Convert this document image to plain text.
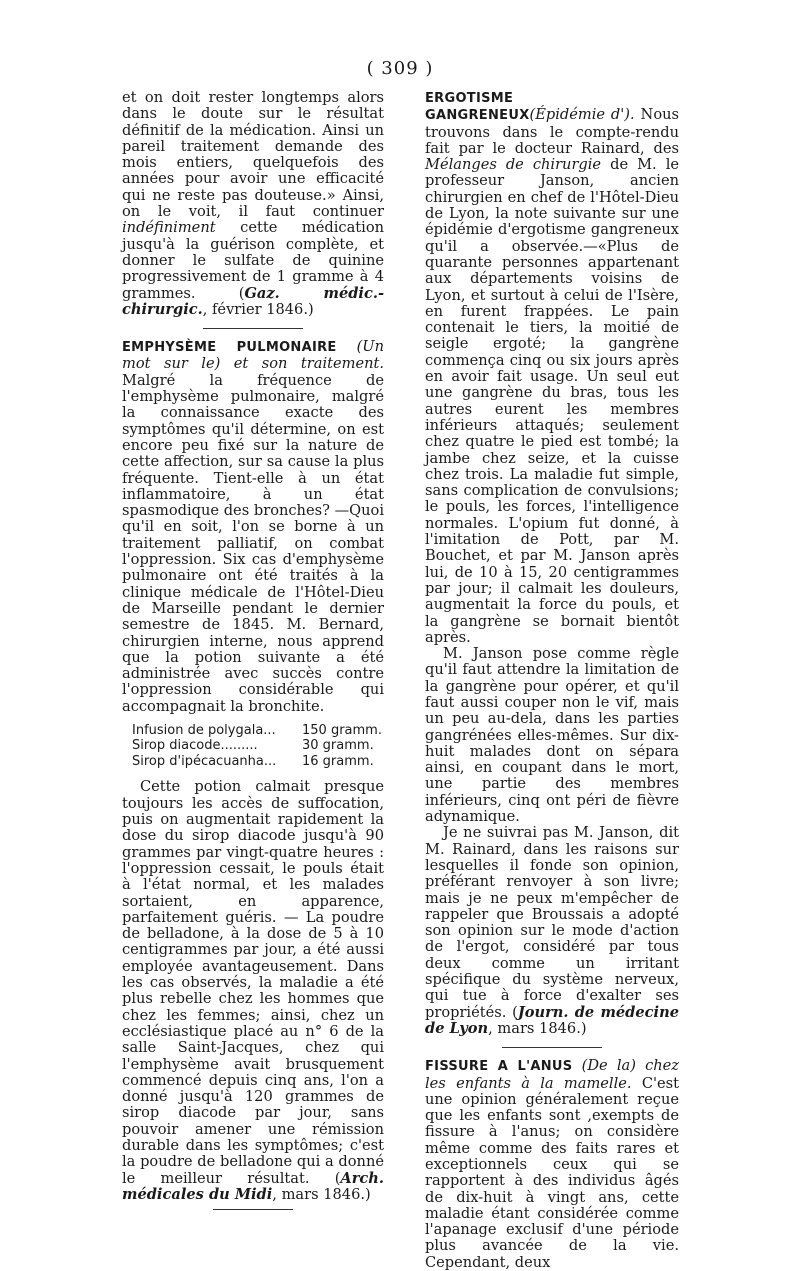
( 309 )

et on doit rester longtemps alors dans le doute sur le résultat définitif de la médication. Ainsi un pareil traitement demande des mois entiers, quelquefois des années pour avoir une efficacité qui ne reste pas douteuse.» Ainsi, on le voit, il faut continuer indéfiniment cette médication jusqu'à la guérison complète, et donner le sulfate de quinine progressivement de 1 gramme à 4 grammes. (Gaz. médic.-chirurgic., février 1846.)

EMPHYSÈME PULMONAIRE (Un mot sur le) et son traitement. Malgré la fréquence de l'emphysème pulmonaire, malgré la connaissance exacte des symptômes qu'il détermine, on est encore peu fixé sur la nature de cette affection, sur sa cause la plus fréquente. Tient-elle à un état inflammatoire, à un état spasmodique des bronches? —Quoi qu'il en soit, l'on se borne à un traitement palliatif, on combat l'oppression. Six cas d'emphysème pulmonaire ont été traités à la clinique médicale de l'Hôtel-Dieu de Marseille pendant le dernier semestre de 1845. M. Bernard, chirurgien interne, nous apprend que la potion suivante a été administrée avec succès contre l'oppression considérable qui accompagnait la bronchite.

Infusion de polygala...	150 gramm.
Sirop diacode.........	30 gramm.
Sirop d'ipécacuanha...	16 gramm.

Cette potion calmait presque toujours les accès de suffocation, puis on augmentait rapidement la dose du sirop diacode jusqu'à 90 grammes par vingt-quatre heures : l'oppression cessait, le pouls était à l'état normal, et les malades sortaient, en apparence, parfaitement guéris. — La poudre de belladone, à la dose de 5 à 10 centigrammes par jour, a été aussi employée avantageusement. Dans les cas observés, la maladie a été plus rebelle chez les hommes que chez les femmes; ainsi, chez un ecclésiastique placé au n° 6 de la salle Saint-Jacques, chez qui l'emphysème avait brusquement commencé depuis cinq ans, l'on a donné jusqu'à 120 grammes de sirop diacode par jour, sans pouvoir amener une rémission durable dans les symptômes; c'est la poudre de belladone qui a donné le meilleur résultat. (Arch. médicales du Midi, mars 1846.)

ERGOTISME GANGRENEUX(Épidémie d'). Nous trouvons dans le compte-rendu fait par le docteur Rainard, des Mélanges de chirurgie de M. le professeur Janson, ancien chirurgien en chef de l'Hôtel-Dieu de Lyon, la note suivante sur une épidémie d'ergotisme gangreneux qu'il a observée.—«Plus de quarante personnes appartenant aux départements voisins de Lyon, et surtout à celui de l'Isère, en furent frappées. Le pain contenait le tiers, la moitié de seigle ergoté; la gangrène commença cinq ou six jours après en avoir fait usage. Un seul eut une gangrène du bras, tous les autres eurent les membres inférieurs attaqués; seulement chez quatre le pied est tombé; la jambe chez seize, et la cuisse chez trois. La maladie fut simple, sans complication de convulsions; le pouls, les forces, l'intelligence normales. L'opium fut donné, à l'imitation de Pott, par M. Bouchet, et par M. Janson après lui, de 10 à 15, 20 centigrammes par jour; il calmait les douleurs, augmentait la force du pouls, et la gangrène se bornait bientôt après.

M. Janson pose comme règle qu'il faut attendre la limitation de la gangrène pour opérer, et qu'il faut aussi couper non le vif, mais un peu au-dela, dans les parties gangrénées elles-mêmes. Sur dix-huit malades dont on sépara ainsi, en coupant dans le mort, une partie des membres inférieurs, cinq ont péri de fièvre adynamique.

Je ne suivrai pas M. Janson, dit M. Rainard, dans les raisons sur lesquelles il fonde son opinion, préférant renvoyer à son livre; mais je ne peux m'empêcher de rappeler que Broussais a adopté son opinion sur le mode d'action de l'ergot, considéré par tous deux comme un irritant spécifique du système nerveux, qui tue à force d'exalter ses propriétés. (Journ. de médecine de Lyon, mars 1846.)

FISSURE A L'ANUS (De la) chez les enfants à la mamelle. C'est une opinion généralement reçue que les enfants sont ,exempts de fissure à l'anus; on considère même comme des faits rares et exceptionnels ceux qui se rapportent à des individus âgés de dix-huit à vingt ans, cette maladie étant considérée comme l'apanage exclusif d'une période plus avancée de la vie. Cependant, deux
